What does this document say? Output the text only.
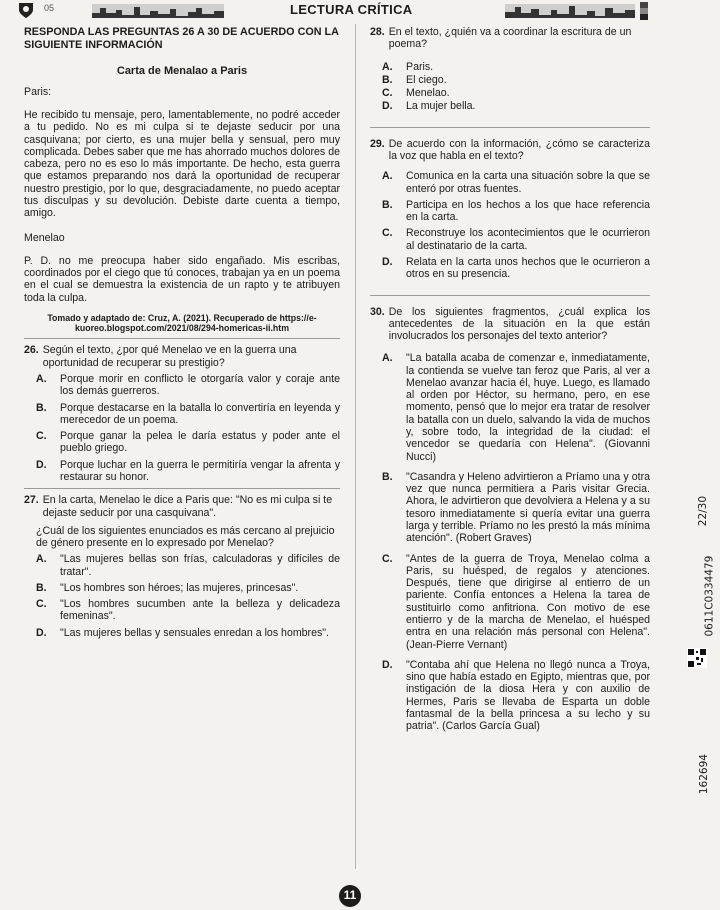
05	LECTURA CRÍTICA

RESPONDA LAS PREGUNTAS 26 A 30 DE ACUERDO CON LA SIGUIENTE INFORMACIÓN

Carta de Menalao a Paris

Paris:

He recibido tu mensaje, pero, lamentablemente, no podré acceder a tu pedido. No es mi culpa si te dejaste seducir por una casquivana; por cierto, es una mujer bella y sensual, pero muy complicada. Debes saber que me has ahorrado muchos dolores de cabeza, pero no es eso lo más importante. De hecho, esta guerra que estamos preparando nos dará la oportunidad de recuperar nuestro prestigio, por lo que, desgraciadamente, no puedo aceptar tus disculpas y su devolución. Debiste darte cuenta a tiempo, amigo.

Menelao

P. D. no me preocupa haber sido engañado. Mis escribas, coordinados por el ciego que tú conoces, trabajan ya en un poema en el cual se demuestra la existencia de un rapto y te atribuyen toda la culpa.

Tomado y adaptado de: Cruz, A. (2021). Recuperado de https://e-kuoreo.blogspot.com/2021/08/294-homericas-ii.htm

26. Según el texto, ¿por qué Menelao ve en la guerra una oportunidad de recuperar su prestigio?
A.	Porque morir en conflicto le otorgaría valor y coraje ante los demás guerreros.
B.	Porque destacarse en la batalla lo convertiría en leyenda y merecedor de un poema.
C.	Porque ganar la pelea le daría estatus y poder ante el pueblo griego.
D.	Porque luchar en la guerra le permitiría vengar la afrenta y restaurar su honor.
27. En la carta, Menelao le dice a Paris que: "No es mi culpa si te dejaste seducir por una casquivana".

¿Cuál de los siguientes enunciados es más cercano al prejuicio de género presente en lo expresado por Menelao?

A.	"Las mujeres bellas son frías, calculadoras y difíciles de tratar".
B.	"Los hombres son héroes; las mujeres, princesas".
C.	"Los hombres sucumben ante la belleza y delicadeza femeninas".
D.	"Las mujeres bellas y sensuales enredan a los hombres".
28. En el texto, ¿quién va a coordinar la escritura de un poema?
A.	Paris.
B.	El ciego.
C.	Menelao.
D.	La mujer bella.
29. De acuerdo con la información, ¿cómo se caracteriza la voz que habla en el texto?
A.	Comunica en la carta una situación sobre la que se enteró por otras fuentes.
B.	Participa en los hechos a los que hace referencia en la carta.
C.	Reconstruye los acontecimientos que le ocurrieron al destinatario de la carta.
D.	Relata en la carta unos hechos que le ocurrieron a otros en su presencia.
30. De los siguientes fragmentos, ¿cuál explica los antecedentes de la situación en la que están involucrados los personajes del texto anterior?
A.	"La batalla acaba de comenzar e, inmediatamente, la contienda se vuelve tan feroz que Paris, al ver a Menelao avanzar hacia él, huye. Luego, es llamado al orden por Héctor, su hermano, pero, en ese momento, pensó que lo mejor era tratar de resolver la batalla con un duelo, salvando la vida de muchos y, sobre todo, la integridad de la ciudad: el vencedor se quedaría con Helena". (Giovanni Nucci)
B.	"Casandra y Heleno advirtieron a Príamo una y otra vez que nunca permitiera a Paris visitar Grecia. Ahora, le advirtieron que devolviera a Helena y a su tesoro inmediatamente si quería evitar una guerra larga y terrible. Príamo no les prestó la más mínima atención". (Robert Graves)
C.	"Antes de la guerra de Troya, Menelao colma a Paris, su huésped, de regalos y atenciones. Después, tiene que dirigirse al entierro de un pariente. Confía entonces a Helena la tarea de sustituirlo como anfitriona. Con motivo de ese entierro y de la marcha de Menelao, el huésped entra en una relación más personal con Helena". (Jean-Pierre Vernant)
D.	"Contaba ahí que Helena no llegó nunca a Troya, sino que había estado en Egipto, mientras que, por instigación de la diosa Hera y con auxilio de Hermes, Paris se llevaba de Esparta un doble fantasmal de la bella princesa a su lecho y su patria". (Carlos García Gual)
22/30
0611C0334479
162694
11
